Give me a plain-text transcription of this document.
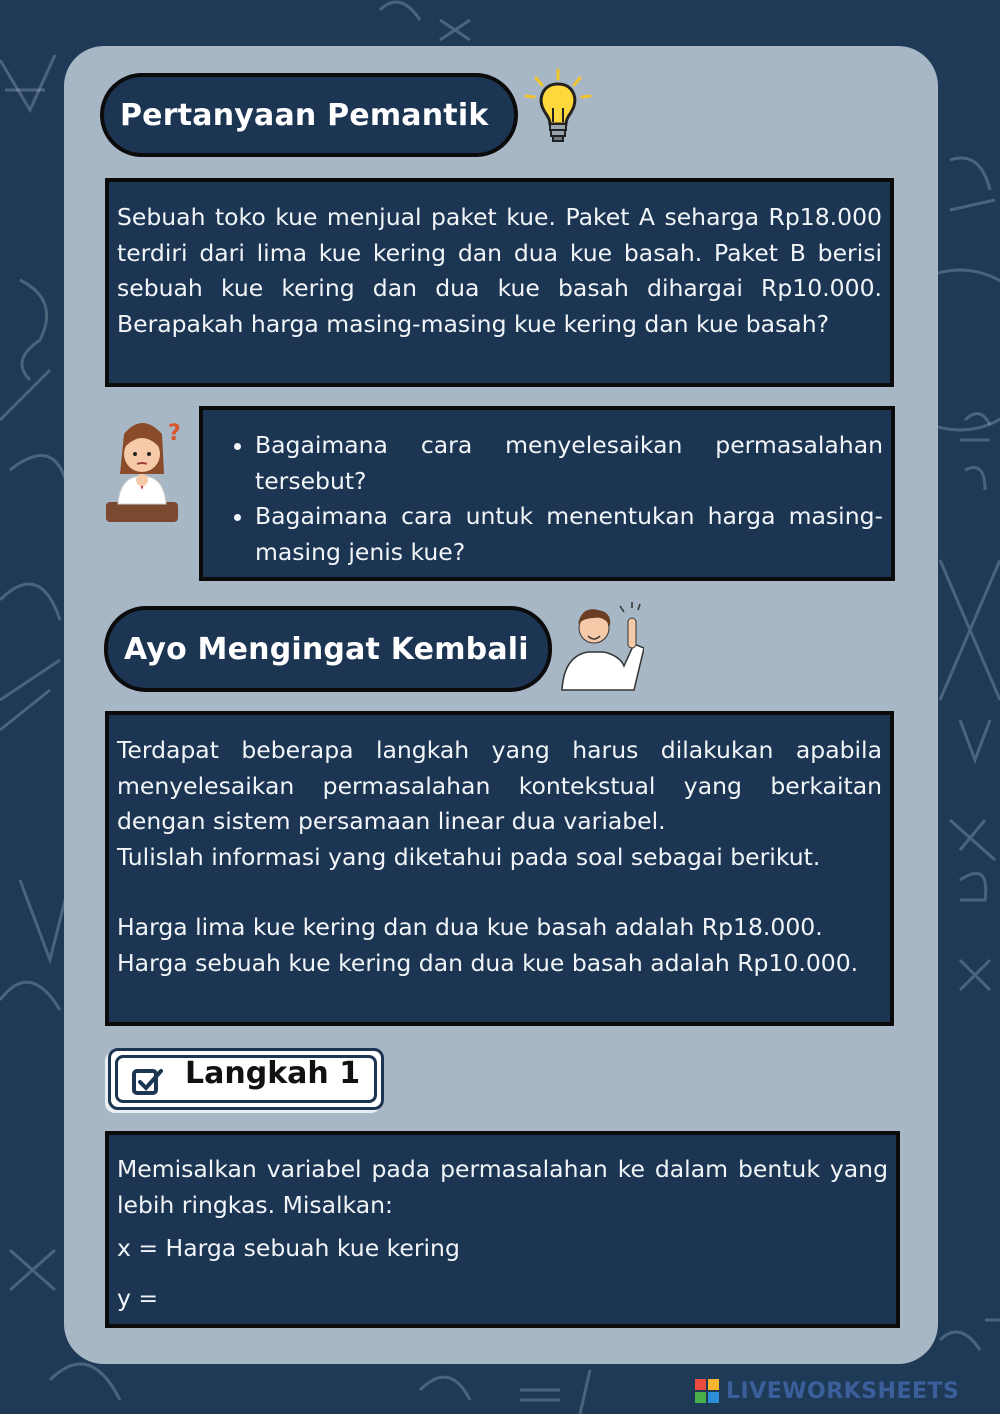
Pertanyaan Pemantik

Sebuah toko kue menjual paket kue. Paket A seharga Rp18.000 terdiri dari lima kue kering dan dua kue basah. Paket B berisi sebuah kue kering dan dua kue basah dihargai Rp10.000. Berapakah harga masing-masing kue kering dan kue basah?

?
•	Bagaimana cara menyelesaikan permasalahan tersebut?
• Bagaimana cara untuk menentukan harga masing-masing jenis kue?
Ayo Mengingat Kembali

Terdapat beberapa langkah yang harus dilakukan apabila menyelesaikan permasalahan kontekstual yang berkaitan dengan sistem persamaan linear dua variabel.

Tulislah informasi yang diketahui pada soal sebagai berikut.

Harga lima kue kering dan dua kue basah adalah Rp18.000.

Harga sebuah kue kering dan dua kue basah adalah Rp10.000.

Langkah 1

Memisalkan variabel pada permasalahan ke dalam bentuk yang lebih ringkas. Misalkan:

x = Harga sebuah kue kering

y =

LIVEWORKSHEETS
